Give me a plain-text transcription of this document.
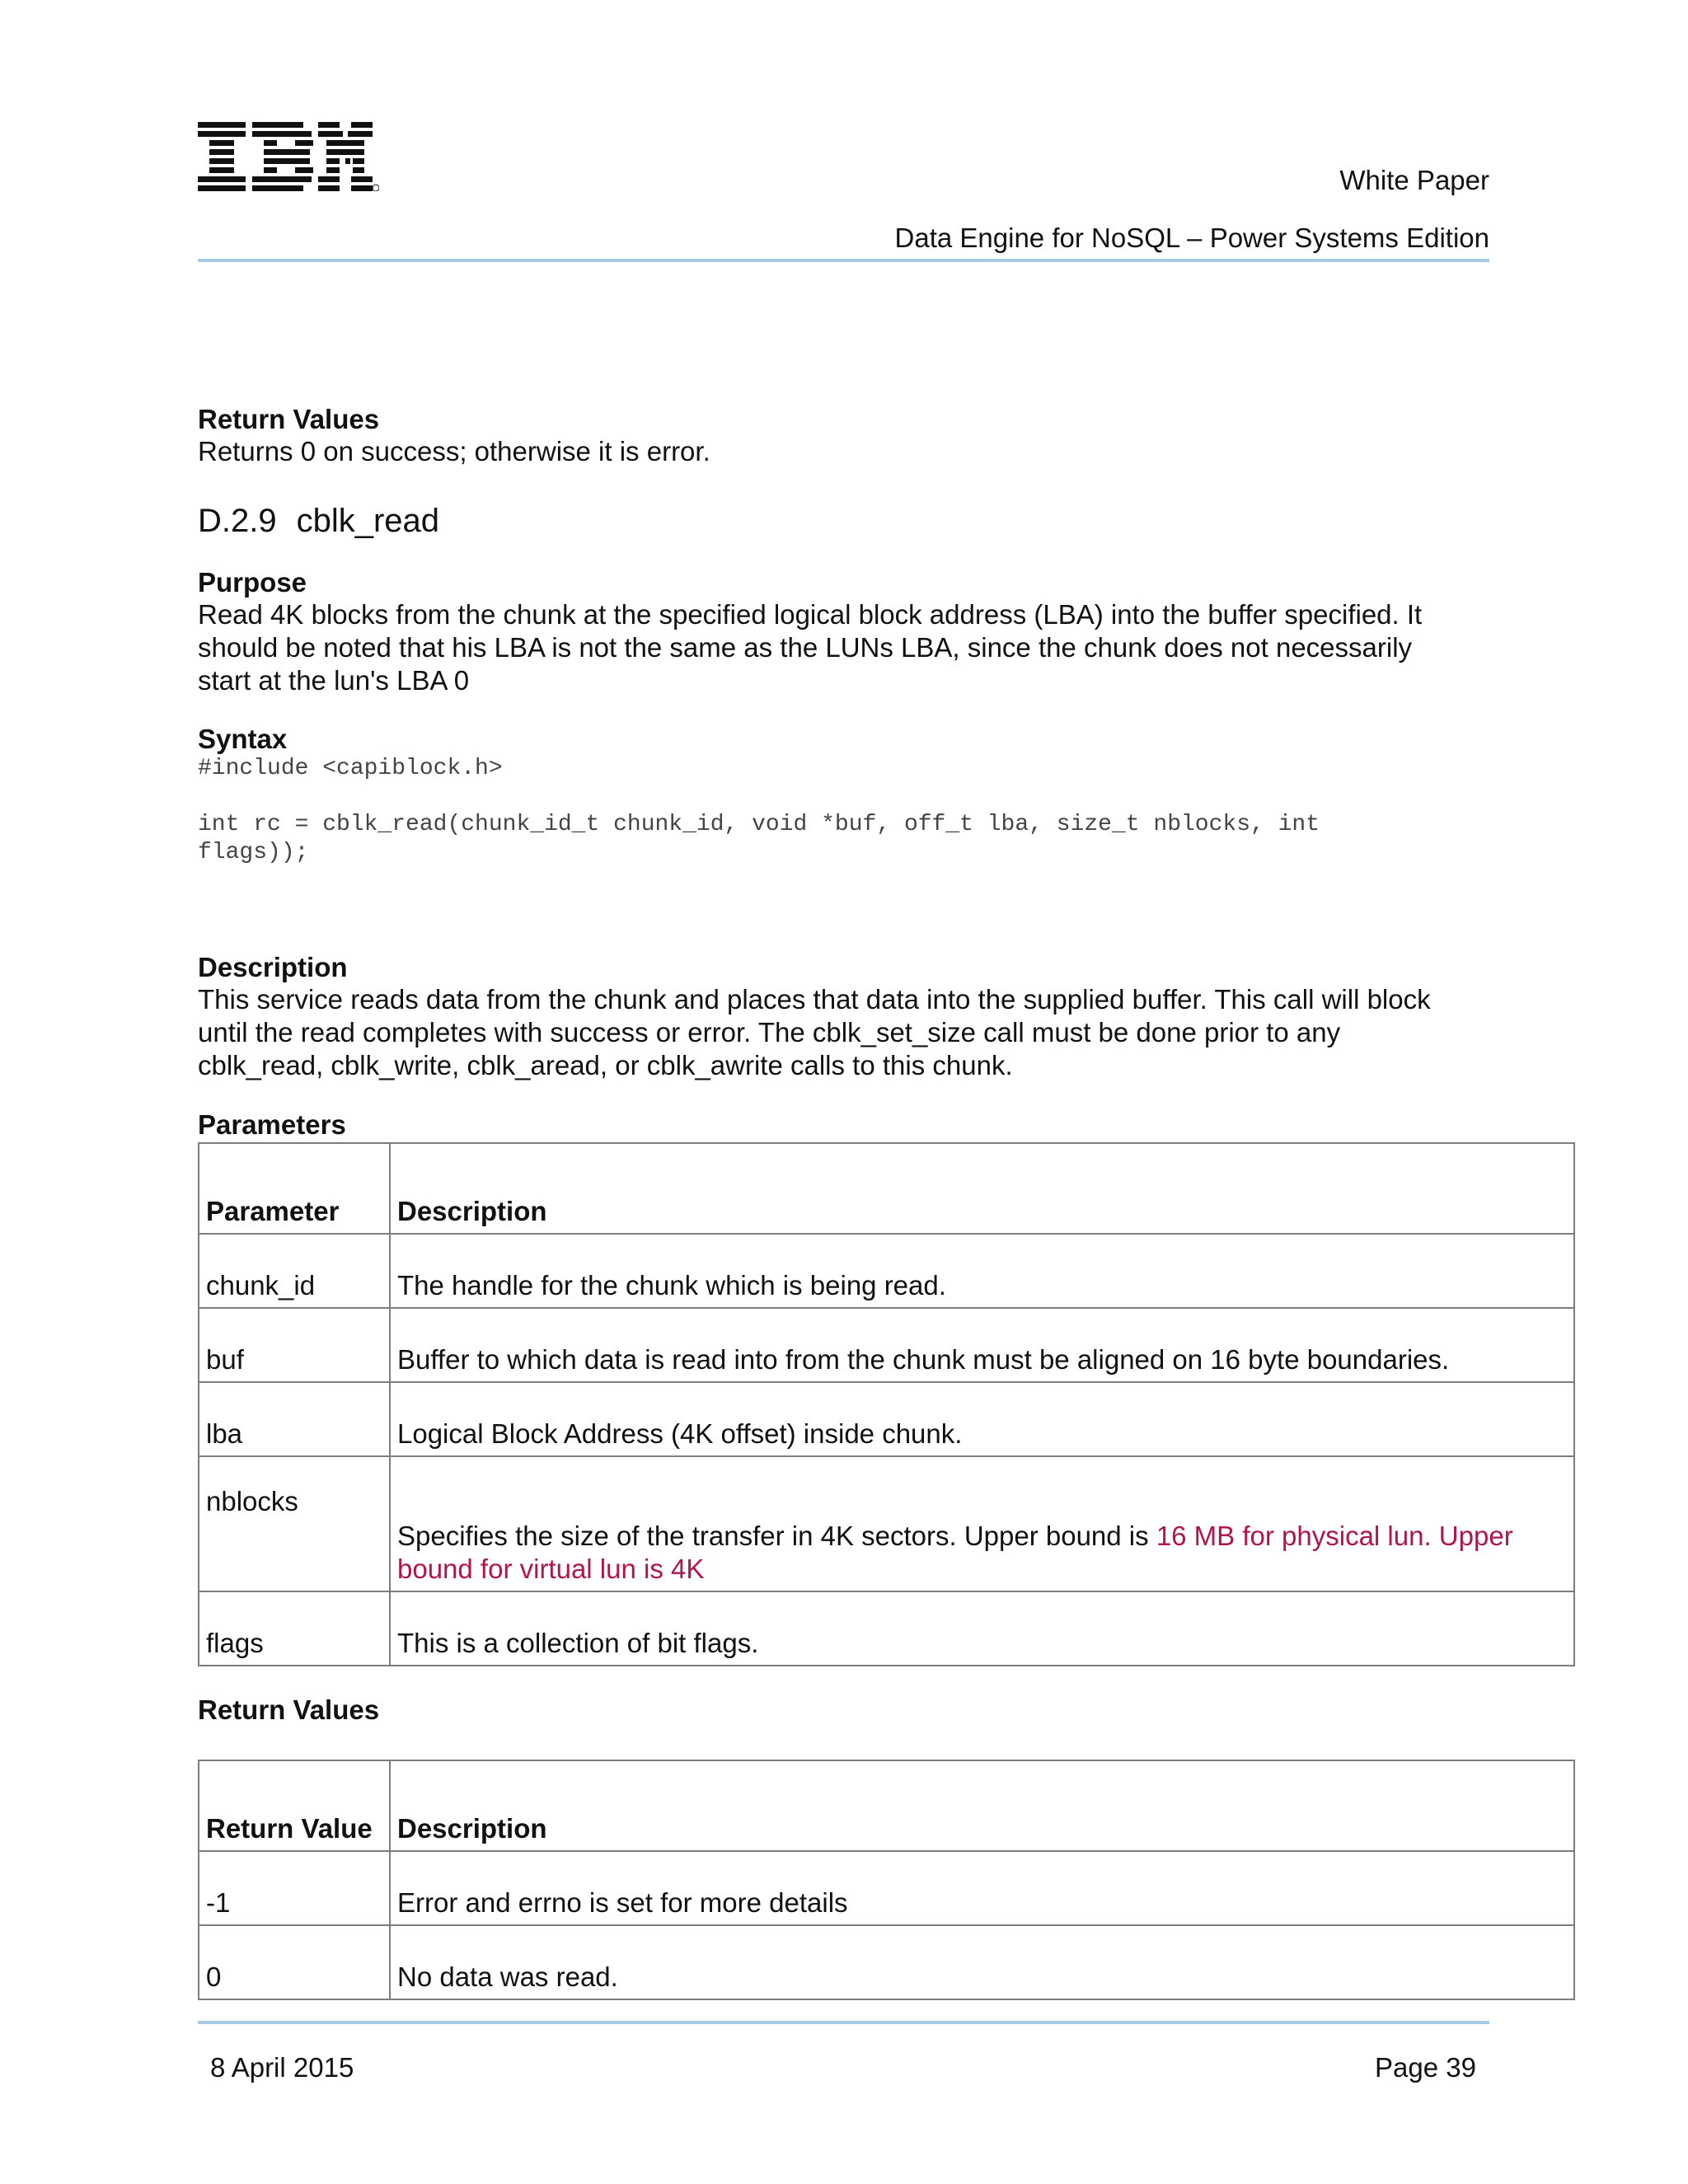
White Paper
Data Engine for NoSQL – Power Systems Edition
Return Values
Returns 0 on success; otherwise it is error.
D.2.9 cblk_read
Purpose
Read 4K blocks from the chunk at the specified logical block address (LBA) into the buffer specified. It should be noted that his LBA is not the same as the LUNs LBA, since the chunk does not necessarily start at the lun's LBA 0
Syntax
#include <capiblock.h>
int rc = cblk_read(chunk_id_t chunk_id, void *buf, off_t lba, size_t nblocks, int
flags));
Description
This service reads data from the chunk and places that data into the supplied buffer. This call will block until the read completes with success or error. The cblk_set_size call must be done prior to any cblk_read, cblk_write, cblk_aread, or cblk_awrite calls to this chunk.
Parameters
Parameter	Description
chunk_id	The handle for the chunk which is being read.
buf	Buffer to which data is read into from the chunk must be aligned on 16 byte boundaries.
lba	Logical Block Address (4K offset) inside chunk.
nblocks	Specifies the size of the transfer in 4K sectors. Upper bound is 16 MB for physical lun. Upper bound for virtual lun is 4K
flags	This is a collection of bit flags.
Return Values
Return Value	Description
-1	Error and errno is set for more details
0	No data was read.
8 April 2015	Page 39
